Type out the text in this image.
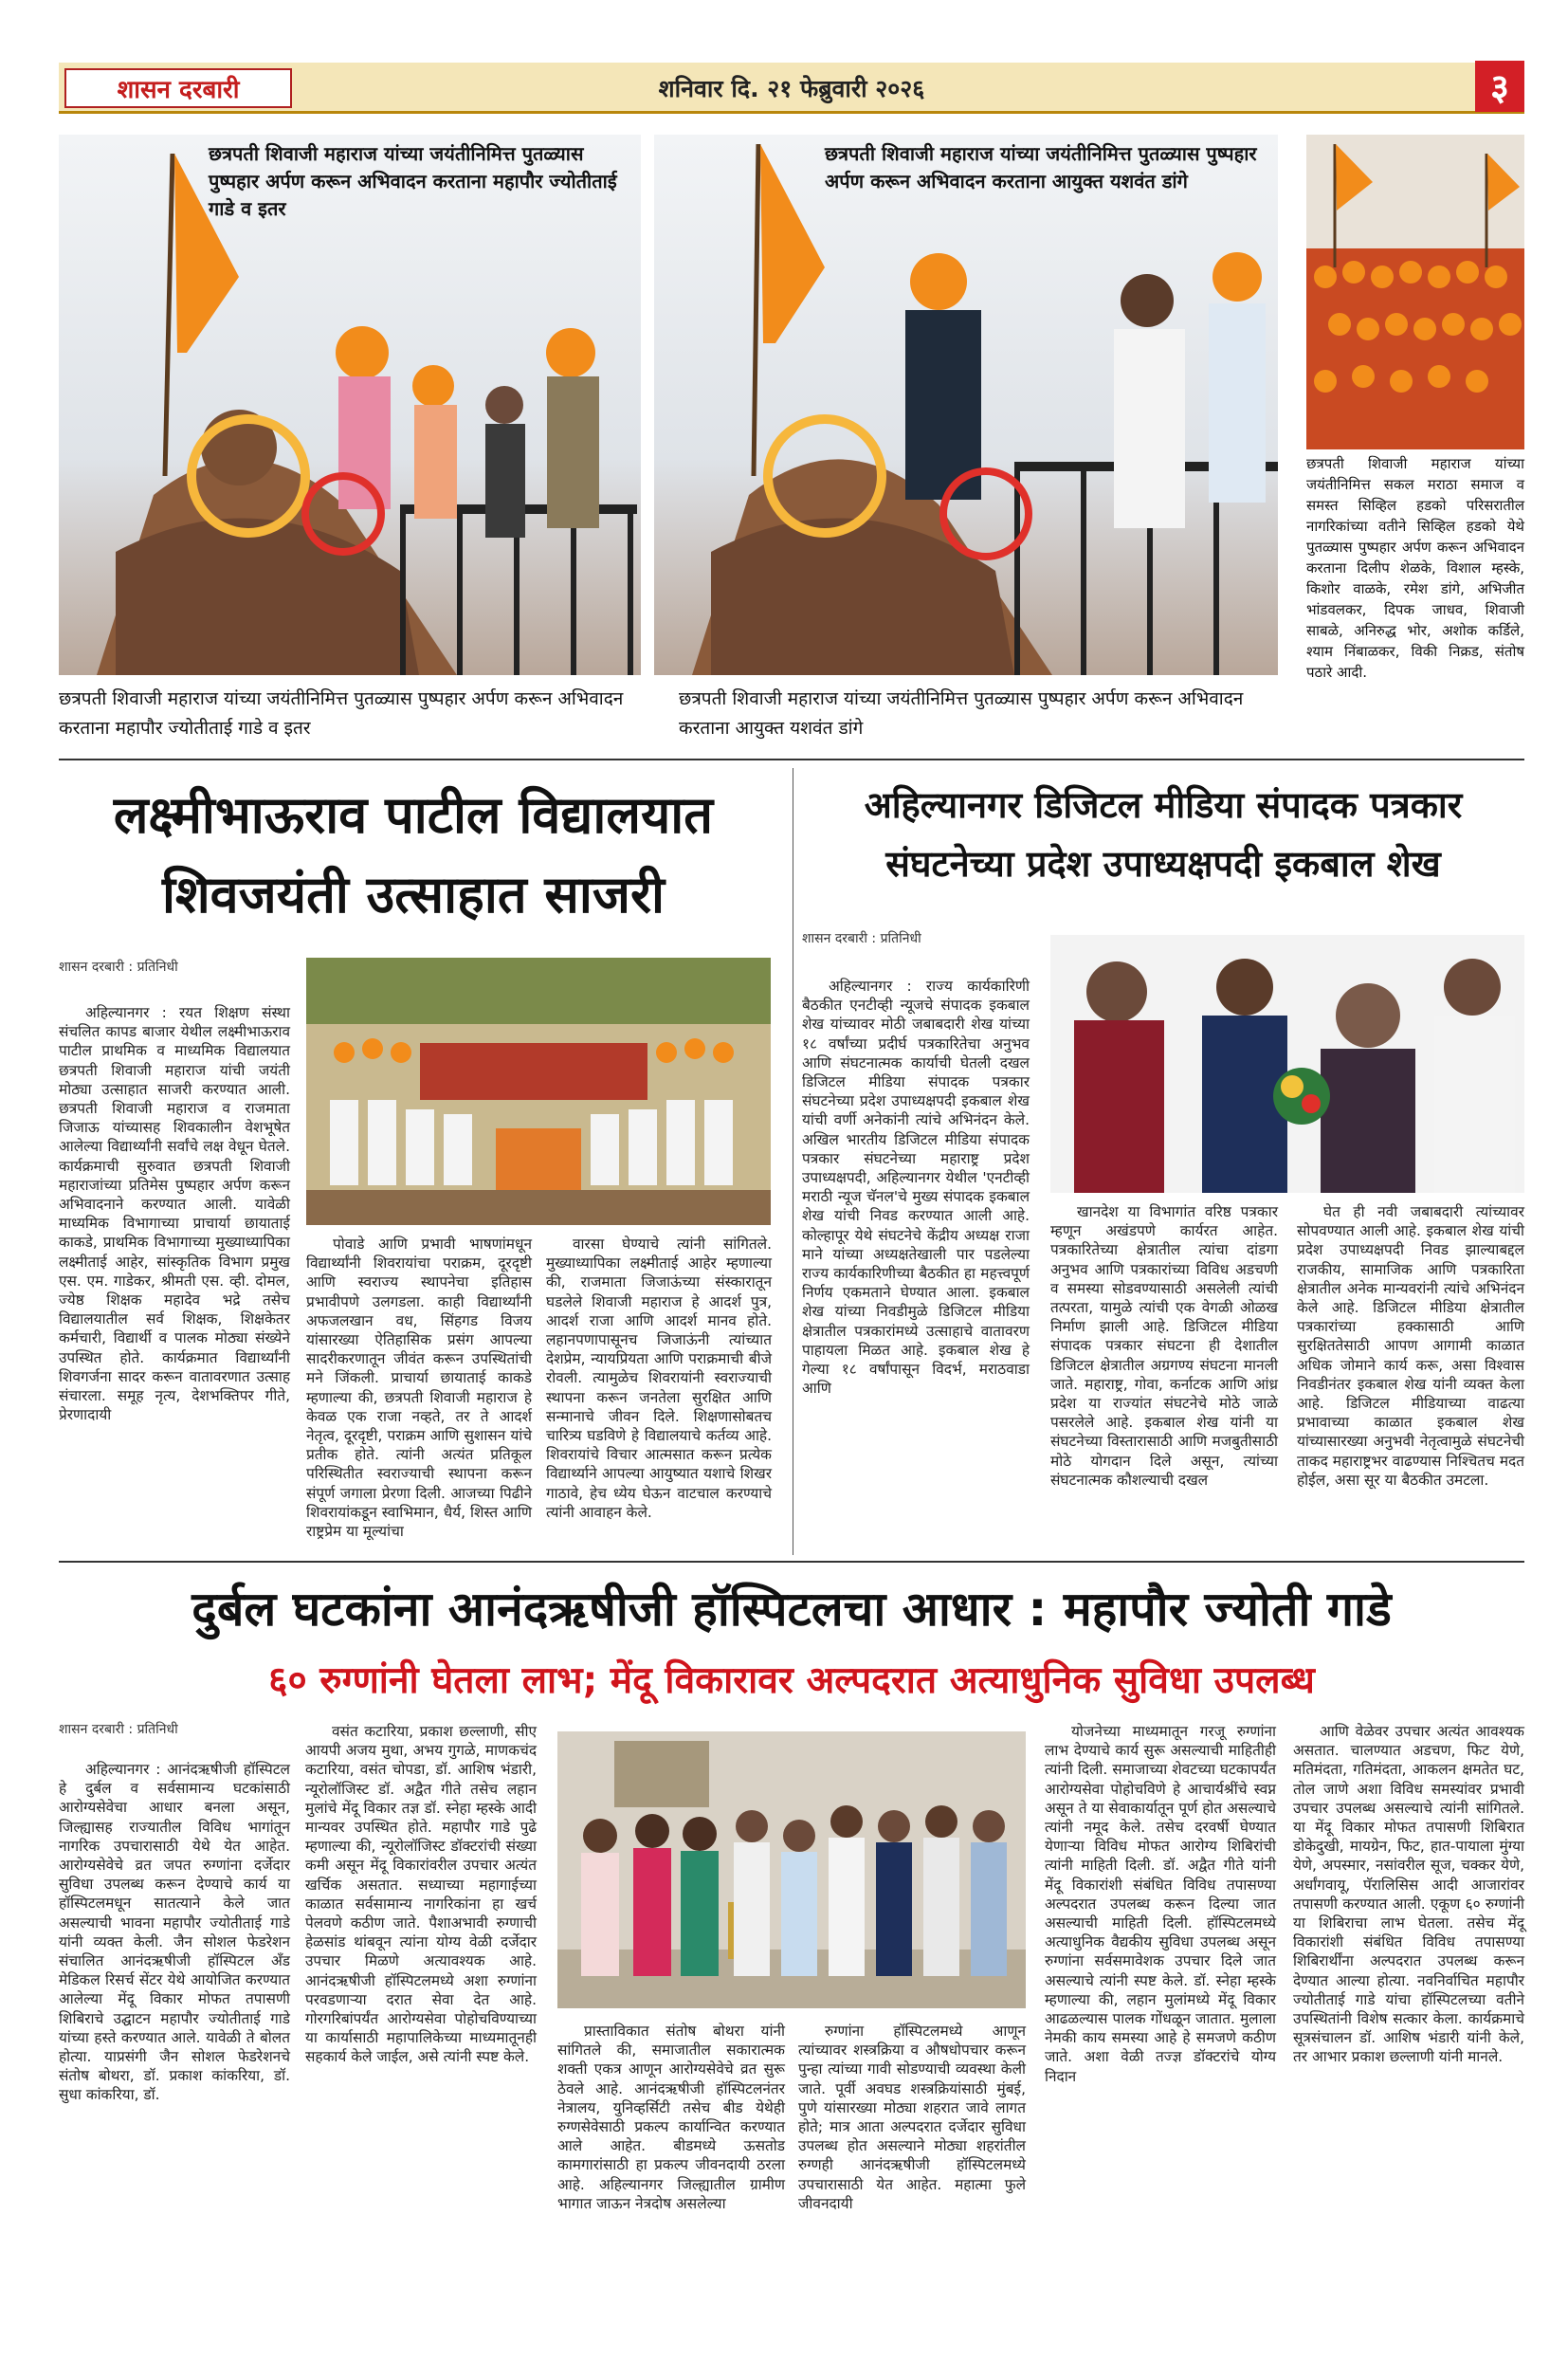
शासन दरबारी	शनिवार दि. २१ फेब्रुवारी २०२६	३
छत्रपती शिवाजी महाराज यांच्या जयंतीनिमित्त पुतळ्यास पुष्पहार अर्पण करून अभिवादन करताना महापौर ज्योतीताई गाडे व इतर
छत्रपती शिवाजी महाराज यांच्या जयंतीनिमित्त पुतळ्यास पुष्पहार अर्पण करून अभिवादन करताना महापौर ज्योतीताई गाडे व इतर
छत्रपती शिवाजी महाराज यांच्या जयंतीनिमित्त पुतळ्यास पुष्पहार अर्पण करून अभिवादन करताना आयुक्त यशवंत डांगे
छत्रपती शिवाजी महाराज यांच्या जयंतीनिमित्त पुतळ्यास पुष्पहार अर्पण करून अभिवादन करताना आयुक्त यशवंत डांगे
छत्रपती शिवाजी महाराज यांच्या जयंतीनिमित्त सकल मराठा समाज व समस्त सिव्हिल हडको परिसरातील नागरिकांच्या वतीने सिव्हिल हडको येथे पुतळ्यास पुष्पहार अर्पण करून अभिवादन करताना दिलीप शेळके, विशाल म्हस्के, किशोर वाळके, रमेश डांगे, अभिजीत भांडवलकर, दिपक जाधव, शिवाजी साबळे, अनिरुद्ध भोर, अशोक कर्डिले, श्याम निंबाळकर, विकी निक्रड, संतोष पठारे आदी.
लक्ष्मीभाऊराव पाटील विद्यालयात
शिवजयंती उत्साहात साजरी
शासन दरबारी : प्रतिनिधी

अहिल्यानगर : रयत शिक्षण संस्था संचलित कापड बाजार येथील लक्ष्मीभाऊराव पाटील प्राथमिक व माध्यमिक विद्यालयात छत्रपती शिवाजी महाराज यांची जयंती मोठ्या उत्साहात साजरी करण्यात आली. छत्रपती शिवाजी महाराज व राजमाता जिजाऊ यांच्यासह शिवकालीन वेशभूषेत आलेल्या विद्यार्थ्यांनी सर्वांचे लक्ष वेधून घेतले. कार्यक्रमाची सुरुवात छत्रपती शिवाजी महाराजांच्या प्रतिमेस पुष्पहार अर्पण करून अभिवादनाने करण्यात आली. यावेळी माध्यमिक विभागाच्या प्राचार्या छायाताई काकडे, प्राथमिक विभागाच्या मुख्याध्यापिका लक्ष्मीताई आहेर, सांस्कृतिक विभाग प्रमुख एस. एम. गाडेकर, श्रीमती एस. व्ही. दोमल, ज्येष्ठ शिक्षक महादेव भद्रे तसेच विद्यालयातील सर्व शिक्षक, शिक्षकेतर कर्मचारी, विद्यार्थी व पालक मोठ्या संख्येने उपस्थित होते. कार्यक्रमात विद्यार्थ्यांनी शिवगर्जना सादर करून वातावरणात उत्साह संचारला. समूह नृत्य, देशभक्तिपर गीते, प्रेरणादायी

पोवाडे आणि प्रभावी भाषणांमधून विद्यार्थ्यांनी शिवरायांचा पराक्रम, दूरदृष्टी आणि स्वराज्य स्थापनेचा इतिहास प्रभावीपणे उलगडला. काही विद्यार्थ्यांनी अफजलखान वध, सिंहगड विजय यांसारख्या ऐतिहासिक प्रसंग आपल्या सादरीकरणातून जीवंत करून उपस्थितांची मने जिंकली. प्राचार्या छायाताई काकडे म्हणाल्या की, छत्रपती शिवाजी महाराज हे केवळ एक राजा नव्हते, तर ते आदर्श नेतृत्व, दूरदृष्टी, पराक्रम आणि सुशासन यांचे प्रतीक होते. त्यांनी अत्यंत प्रतिकूल परिस्थितीत स्वराज्याची स्थापना करून संपूर्ण जगाला प्रेरणा दिली. आजच्या पिढीने शिवरायांकडून स्वाभिमान, धैर्य, शिस्त आणि राष्ट्रप्रेम या मूल्यांचा

वारसा घेण्याचे त्यांनी सांगितले. मुख्याध्यापिका लक्ष्मीताई आहेर म्हणाल्या की, राजमाता जिजाऊंच्या संस्कारातून घडलेले शिवाजी महाराज हे आदर्श पुत्र, आदर्श राजा आणि आदर्श मानव होते. लहानपणापासूनच जिजाऊंनी त्यांच्यात देशप्रेम, न्यायप्रियता आणि पराक्रमाची बीजे रोवली. त्यामुळेच शिवरायांनी स्वराज्याची स्थापना करून जनतेला सुरक्षित आणि सन्मानाचे जीवन दिले. शिक्षणासोबतच चारित्र्य घडविणे हे विद्यालयाचे कर्तव्य आहे. शिवरायांचे विचार आत्मसात करून प्रत्येक विद्यार्थ्याने आपल्या आयुष्यात यशाचे शिखर गाठावे, हेच ध्येय घेऊन वाटचाल करण्याचे त्यांनी आवाहन केले.

अहिल्यानगर डिजिटल मीडिया संपादक पत्रकार
संघटनेच्या प्रदेश उपाध्यक्षपदी इकबाल शेख
शासन दरबारी : प्रतिनिधी

अहिल्यानगर : राज्य कार्यकारिणी बैठकीत एनटीव्ही न्यूजचे संपादक इकबाल शेख यांच्यावर मोठी जबाबदारी शेख यांच्या १८ वर्षांच्या प्रदीर्घ पत्रकारितेचा अनुभव आणि संघटनात्मक कार्याची घेतली दखल डिजिटल मीडिया संपादक पत्रकार संघटनेच्या प्रदेश उपाध्यक्षपदी इकबाल शेख यांची वर्णी अनेकांनी त्यांचे अभिनंदन केले. अखिल भारतीय डिजिटल मीडिया संपादक पत्रकार संघटनेच्या महाराष्ट्र प्रदेश उपाध्यक्षपदी, अहिल्यानगर येथील 'एनटीव्ही मराठी न्यूज चॅनल'चे मुख्य संपादक इकबाल शेख यांची निवड करण्यात आली आहे. कोल्हापूर येथे संघटनेचे केंद्रीय अध्यक्ष राजा माने यांच्या अध्यक्षतेखाली पार पडलेल्या राज्य कार्यकारिणीच्या बैठकीत हा महत्त्वपूर्ण निर्णय एकमताने घेण्यात आला. इकबाल शेख यांच्या निवडीमुळे डिजिटल मीडिया क्षेत्रातील पत्रकारांमध्ये उत्साहाचे वातावरण पाहायला मिळत आहे. इकबाल शेख हे गेल्या १८ वर्षांपासून विदर्भ, मराठवाडा आणि

खानदेश या विभागांत वरिष्ठ पत्रकार म्हणून अखंडपणे कार्यरत आहेत. पत्रकारितेच्या क्षेत्रातील त्यांचा दांडगा अनुभव आणि पत्रकारांच्या विविध अडचणी व समस्या सोडवण्यासाठी असलेली त्यांची तत्परता, यामुळे त्यांची एक वेगळी ओळख निर्माण झाली आहे. डिजिटल मीडिया संपादक पत्रकार संघटना ही देशातील डिजिटल क्षेत्रातील अग्रगण्य संघटना मानली जाते. महाराष्ट्र, गोवा, कर्नाटक आणि आंध्र प्रदेश या राज्यांत संघटनेचे मोठे जाळे पसरलेले आहे. इकबाल शेख यांनी या संघटनेच्या विस्तारासाठी आणि मजबुतीसाठी मोठे योगदान दिले असून, त्यांच्या संघटनात्मक कौशल्याची दखल

घेत ही नवी जबाबदारी त्यांच्यावर सोपवण्यात आली आहे. इकबाल शेख यांची प्रदेश उपाध्यक्षपदी निवड झाल्याबद्दल राजकीय, सामाजिक आणि पत्रकारिता क्षेत्रातील अनेक मान्यवरांनी त्यांचे अभिनंदन केले आहे. डिजिटल मीडिया क्षेत्रातील पत्रकारांच्या हक्कासाठी आणि सुरक्षिततेसाठी आपण आगामी काळात अधिक जोमाने कार्य करू, असा विश्वास निवडीनंतर इकबाल शेख यांनी व्यक्त केला आहे. डिजिटल मीडियाच्या वाढत्या प्रभावाच्या काळात इकबाल शेख यांच्यासारख्या अनुभवी नेतृत्वामुळे संघटनेची ताकद महाराष्ट्रभर वाढण्यास निश्चितच मदत होईल, असा सूर या बैठकीत उमटला.

दुर्बल घटकांना आनंदऋषीजी हॉस्पिटलचा आधार : महापौर ज्योती गाडे
६० रुग्णांनी घेतला लाभ; मेंदू विकारावर अल्पदरात अत्याधुनिक सुविधा उपलब्ध
शासन दरबारी : प्रतिनिधी

अहिल्यानगर : आनंदऋषीजी हॉस्पिटल हे दुर्बल व सर्वसामान्य घटकांसाठी आरोग्यसेवेचा आधार बनला असून, जिल्ह्यासह राज्यातील विविध भागांतून नागरिक उपचारासाठी येथे येत आहेत. आरोग्यसेवेचे व्रत जपत रुग्णांना दर्जेदार सुविधा उपलब्ध करून देण्याचे कार्य या हॉस्पिटलमधून सातत्याने केले जात असल्याची भावना महापौर ज्योतीताई गाडे यांनी व्यक्त केली. जैन सोशल फेडरेशन संचालित आनंदऋषीजी हॉस्पिटल अँड मेडिकल रिसर्च सेंटर येथे आयोजित करण्यात आलेल्या मेंदू विकार मोफत तपासणी शिबिराचे उद्घाटन महापौर ज्योतीताई गाडे यांच्या हस्ते करण्यात आले. यावेळी ते बोलत होत्या. याप्रसंगी जैन सोशल फेडरेशनचे संतोष बोथरा, डॉ. प्रकाश कांकरिया, डॉ. सुधा कांकरिया, डॉ.

वसंत कटारिया, प्रकाश छल्लाणी, सीए आयपी अजय मुथा, अभय गुगळे, माणकचंद कटारिया, वसंत चोपडा, डॉ. आशिष भंडारी, न्यूरोलॉजिस्ट डॉ. अद्वैत गीते तसेच लहान मुलांचे मेंदू विकार तज्ञ डॉ. स्नेहा म्हस्के आदी मान्यवर उपस्थित होते. महापौर गाडे पुढे म्हणाल्या की, न्यूरोलॉजिस्ट डॉक्टरांची संख्या कमी असून मेंदू विकारांवरील उपचार अत्यंत खर्चिक असतात. सध्याच्या महागाईच्या काळात सर्वसामान्य नागरिकांना हा खर्च पेलवणे कठीण जाते. पैशाअभावी रुग्णाची हेळसांड थांबवून त्यांना योग्य वेळी दर्जेदार उपचार मिळणे अत्यावश्यक आहे. आनंदऋषीजी हॉस्पिटलमध्ये अशा रुग्णांना परवडणाऱ्या दरात सेवा देत आहे. गोरगरिबांपर्यंत आरोग्यसेवा पोहोचविण्याच्या या कार्यासाठी महापालिकेच्या माध्यमातूनही सहकार्य केले जाईल, असे त्यांनी स्पष्ट केले.

प्रास्ताविकात संतोष बोथरा यांनी सांगितले की, समाजातील सकारात्मक शक्ती एकत्र आणून आरोग्यसेवेचे व्रत सुरू ठेवले आहे. आनंदऋषीजी हॉस्पिटलनंतर नेत्रालय, युनिव्हर्सिटी तसेच बीड येथेही रुग्णसेवेसाठी प्रकल्प कार्यान्वित करण्यात आले आहेत. बीडमध्ये ऊसतोड कामगारांसाठी हा प्रकल्प जीवनदायी ठरला आहे. अहिल्यानगर जिल्ह्यातील ग्रामीण भागात जाऊन नेत्रदोष असलेल्या

रुग्णांना हॉस्पिटलमध्ये आणून त्यांच्यावर शस्त्रक्रिया व औषधोपचार करून पुन्हा त्यांच्या गावी सोडण्याची व्यवस्था केली जाते. पूर्वी अवघड शस्त्रक्रियांसाठी मुंबई, पुणे यांसारख्या मोठ्या शहरात जावे लागत होते; मात्र आता अल्पदरात दर्जेदार सुविधा उपलब्ध होत असल्याने मोठ्या शहरांतील रुग्णही आनंदऋषीजी हॉस्पिटलमध्ये उपचारासाठी येत आहेत. महात्मा फुले जीवनदायी

योजनेच्या माध्यमातून गरजू रुग्णांना लाभ देण्याचे कार्य सुरू असल्याची माहितीही त्यांनी दिली. समाजाच्या शेवटच्या घटकापर्यंत आरोग्यसेवा पोहोचविणे हे आचार्यश्रींचे स्वप्न असून ते या सेवाकार्यातून पूर्ण होत असल्याचे त्यांनी नमूद केले. तसेच दरवर्षी घेण्यात येणाऱ्या विविध मोफत आरोग्य शिबिरांची त्यांनी माहिती दिली. डॉ. अद्वैत गीते यांनी मेंदू विकारांशी संबंधित विविध तपासण्या अल्पदरात उपलब्ध करून दिल्या जात असल्याची माहिती दिली. हॉस्पिटलमध्ये अत्याधुनिक वैद्यकीय सुविधा उपलब्ध असून रुग्णांना सर्वसमावेशक उपचार दिले जात असल्याचे त्यांनी स्पष्ट केले. डॉ. स्नेहा म्हस्के म्हणाल्या की, लहान मुलांमध्ये मेंदू विकार आढळल्यास पालक गोंधळून जातात. मुलाला नेमकी काय समस्या आहे हे समजणे कठीण जाते. अशा वेळी तज्ज्ञ डॉक्टरांचे योग्य निदान

आणि वेळेवर उपचार अत्यंत आवश्यक असतात. चालण्यात अडचण, फिट येणे, मतिमंदता, गतिमंदता, आकलन क्षमतेत घट, तोल जाणे अशा विविध समस्यांवर प्रभावी उपचार उपलब्ध असल्याचे त्यांनी सांगितले. या मेंदू विकार मोफत तपासणी शिबिरात डोकेदुखी, मायग्रेन, फिट, हात-पायाला मुंग्या येणे, अपस्मार, नसांवरील सूज, चक्कर येणे, अर्धांगवायू, पॅरालिसिस आदी आजारांवर तपासणी करण्यात आली. एकूण ६० रुग्णांनी या शिबिराचा लाभ घेतला. तसेच मेंदू विकारांशी संबंधित विविध तपासण्या शिबिरार्थींना अल्पदरात उपलब्ध करून देण्यात आल्या होत्या. नवनिर्वाचित महापौर ज्योतीताई गाडे यांचा हॉस्पिटलच्या वतीने उपस्थितांनी विशेष सत्कार केला. कार्यक्रमाचे सूत्रसंचालन डॉ. आशिष भंडारी यांनी केले, तर आभार प्रकाश छल्लाणी यांनी मानले.
